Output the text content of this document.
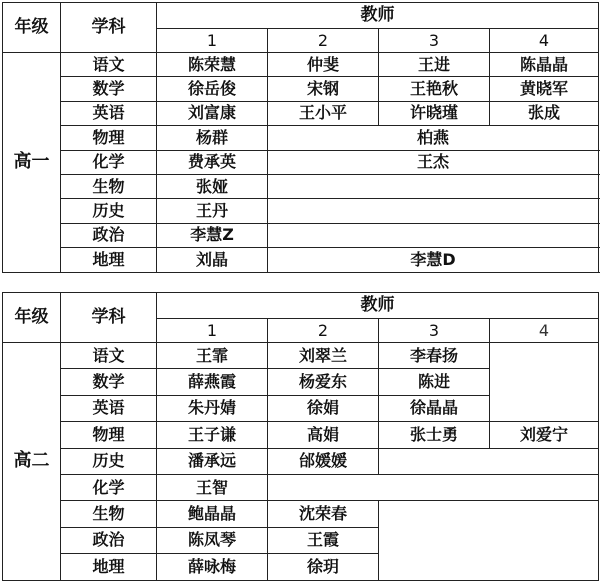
年级	学科	教师			
		1	2	3	4
高一	语文	陈荣慧	仲斐	王进	陈晶晶
	数学	徐岳俊	宋钢	王艳秋	黄晓军
	英语	刘富康	王小平	许晓瑾	张成
	物理	杨群	柏燕		
	化学	费承英	王杰		
	生物	张娅			
	历史	王丹			
	政治	李慧Z			
	地理	刘晶	李慧D		
年级	学科	教师			
		1	2	3	4
高二	语文	王霏	刘翠兰	李春扬	
	数学	薛燕霞	杨爱东	陈进	
	英语	朱丹婧	徐娟	徐晶晶	
	物理	王子谦	高娟	张士勇	刘爱宁
	历史	潘承远	邰媛媛		
	化学	王智			
	生物	鲍晶晶	沈荣春		
	政治	陈凤琴	王霞		
	地理	薛咏梅	徐玥		
